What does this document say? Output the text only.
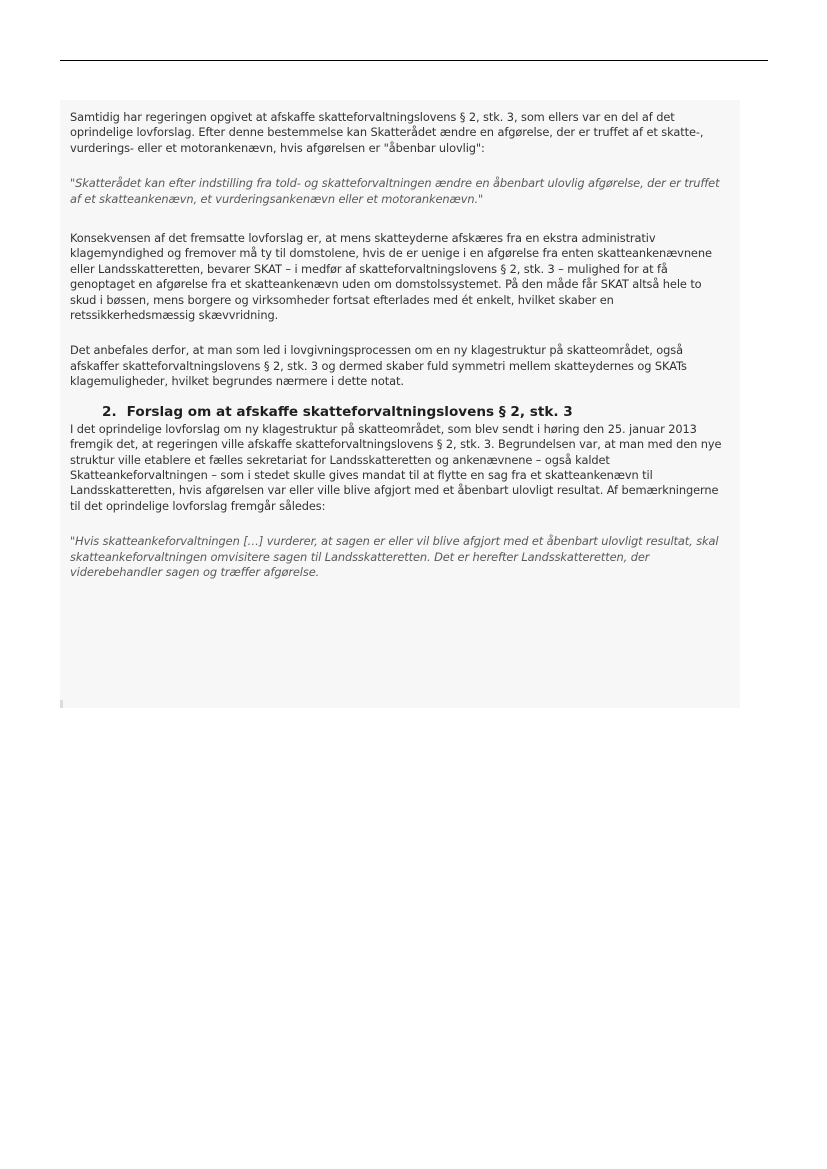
Samtidig har regeringen opgivet at afskaffe skatteforvaltningslovens § 2, stk. 3, som ellers var en del af det oprindelige lovforslag. Efter denne bestemmelse kan Skatterådet ændre en afgørelse, der er truffet af et skatte-, vurderings- eller et motorankenævn, hvis afgørelsen er "åbenbar ulovlig":

"Skatterådet kan efter indstilling fra told- og skatteforvaltningen ændre en åbenbart ulovlig afgørelse, der er truffet af et skatteankenævn, et vurderingsankenævn eller et motorankenævn."

Konsekvensen af det fremsatte lovforslag er, at mens skatteyderne afskæres fra en ekstra administrativ klagemyndighed og fremover må ty til domstolene, hvis de er uenige i en afgørelse fra enten skatteankenævnene eller Landsskatteretten, bevarer SKAT – i medfør af skatteforvaltningslovens § 2, stk. 3 – mulighed for at få genoptaget en afgørelse fra et skatteankenævn uden om domstolssystemet. På den måde får SKAT altså hele to skud i bøssen, mens borgere og virksomheder fortsat efterlades med ét enkelt, hvilket skaber en retssikkerhedsmæssig skævvridning.

Det anbefales derfor, at man som led i lovgivningsprocessen om en ny klagestruktur på skatteområdet, også afskaffer skatteforvaltningslovens § 2, stk. 3 og dermed skaber fuld symmetri mellem skatteydernes og SKATs klagemuligheder, hvilket begrundes nærmere i dette notat.

2. Forslag om at afskaffe skatteforvaltningslovens § 2, stk. 3

I det oprindelige lovforslag om ny klagestruktur på skatteområdet, som blev sendt i høring den 25. januar 2013 fremgik det, at regeringen ville afskaffe skatteforvaltningslovens § 2, stk. 3. Begrundelsen var, at man med den nye struktur ville etablere et fælles sekretariat for Landsskatteretten og ankenævnene – også kaldet Skatteankeforvaltningen – som i stedet skulle gives mandat til at flytte en sag fra et skatteankenævn til Landsskatteretten, hvis afgørelsen var eller ville blive afgjort med et åbenbart ulovligt resultat. Af bemærkningerne til det oprindelige lovforslag fremgår således:

"Hvis skatteankeforvaltningen […] vurderer, at sagen er eller vil blive afgjort med et åbenbart ulovligt resultat, skal skatteankeforvaltningen omvisitere sagen til Landsskatteretten. Det er herefter Landsskatteretten, der viderebehandler sagen og træffer afgørelse.
